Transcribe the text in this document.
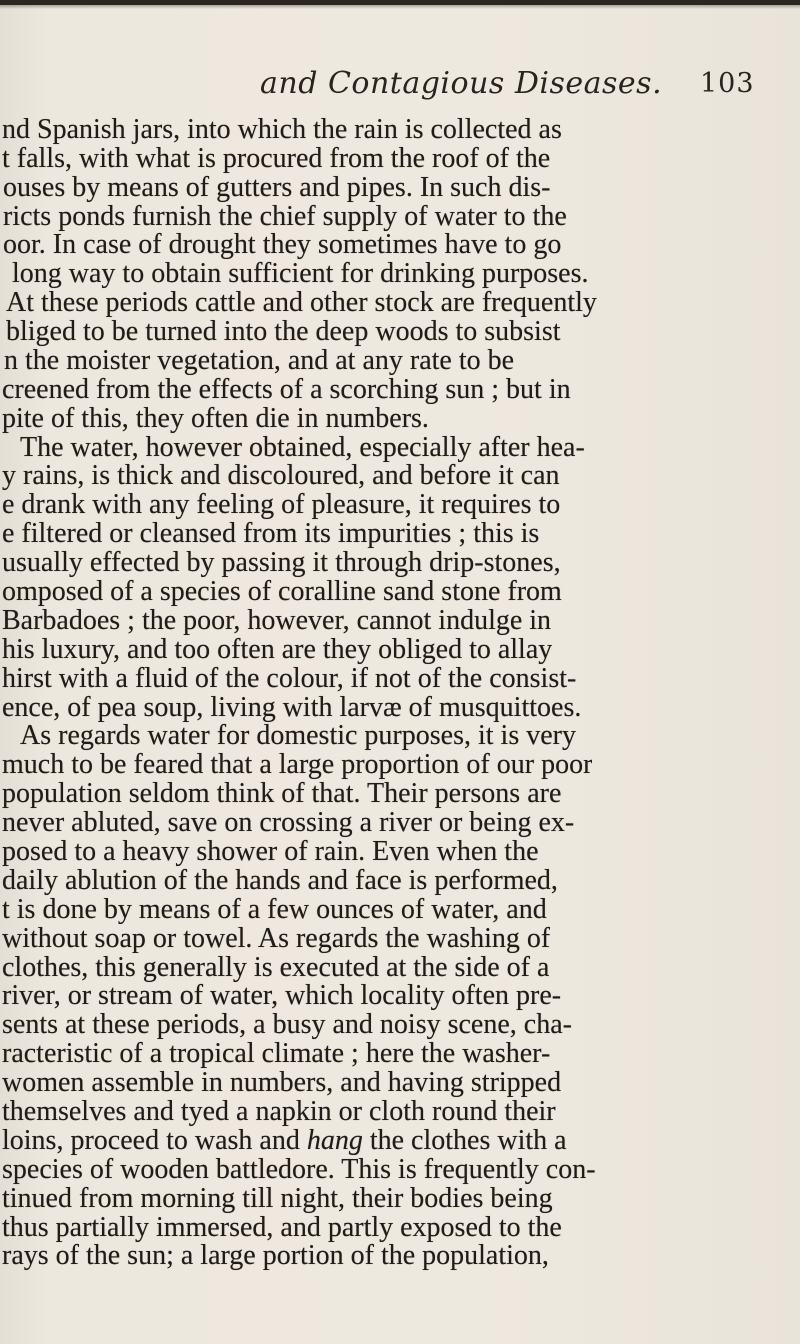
and Contagious Diseases. 103
nd Spanish jars, into which the rain is collected as
t falls, with what is procured from the roof of the
ouses by means of gutters and pipes. In such dis-
ricts ponds furnish the chief supply of water to the
oor. In case of drought they sometimes have to go
long way to obtain sufficient for drinking purposes.
At these periods cattle and other stock are frequently
bliged to be turned into the deep woods to subsist
n the moister vegetation, and at any rate to be
creened from the effects of a scorching sun ; but in
pite of this, they often die in numbers.
The water, however obtained, especially after hea-
y rains, is thick and discoloured, and before it can
e drank with any feeling of pleasure, it requires to
e filtered or cleansed from its impurities ; this is
usually effected by passing it through drip-stones,
omposed of a species of coralline sand stone from
Barbadoes ; the poor, however, cannot indulge in
his luxury, and too often are they obliged to allay
hirst with a fluid of the colour, if not of the consist-
ence, of pea soup, living with larvæ of musquittoes.
As regards water for domestic purposes, it is very
much to be feared that a large proportion of our poor
population seldom think of that. Their persons are
never abluted, save on crossing a river or being ex-
posed to a heavy shower of rain. Even when the
daily ablution of the hands and face is performed,
t is done by means of a few ounces of water, and
without soap or towel. As regards the washing of
clothes, this generally is executed at the side of a
river, or stream of water, which locality often pre-
sents at these periods, a busy and noisy scene, cha-
racteristic of a tropical climate ; here the washer-
women assemble in numbers, and having stripped
themselves and tyed a napkin or cloth round their
loins, proceed to wash and hang the clothes with a
species of wooden battledore. This is frequently con-
tinued from morning till night, their bodies being
thus partially immersed, and partly exposed to the
rays of the sun; a large portion of the population,
